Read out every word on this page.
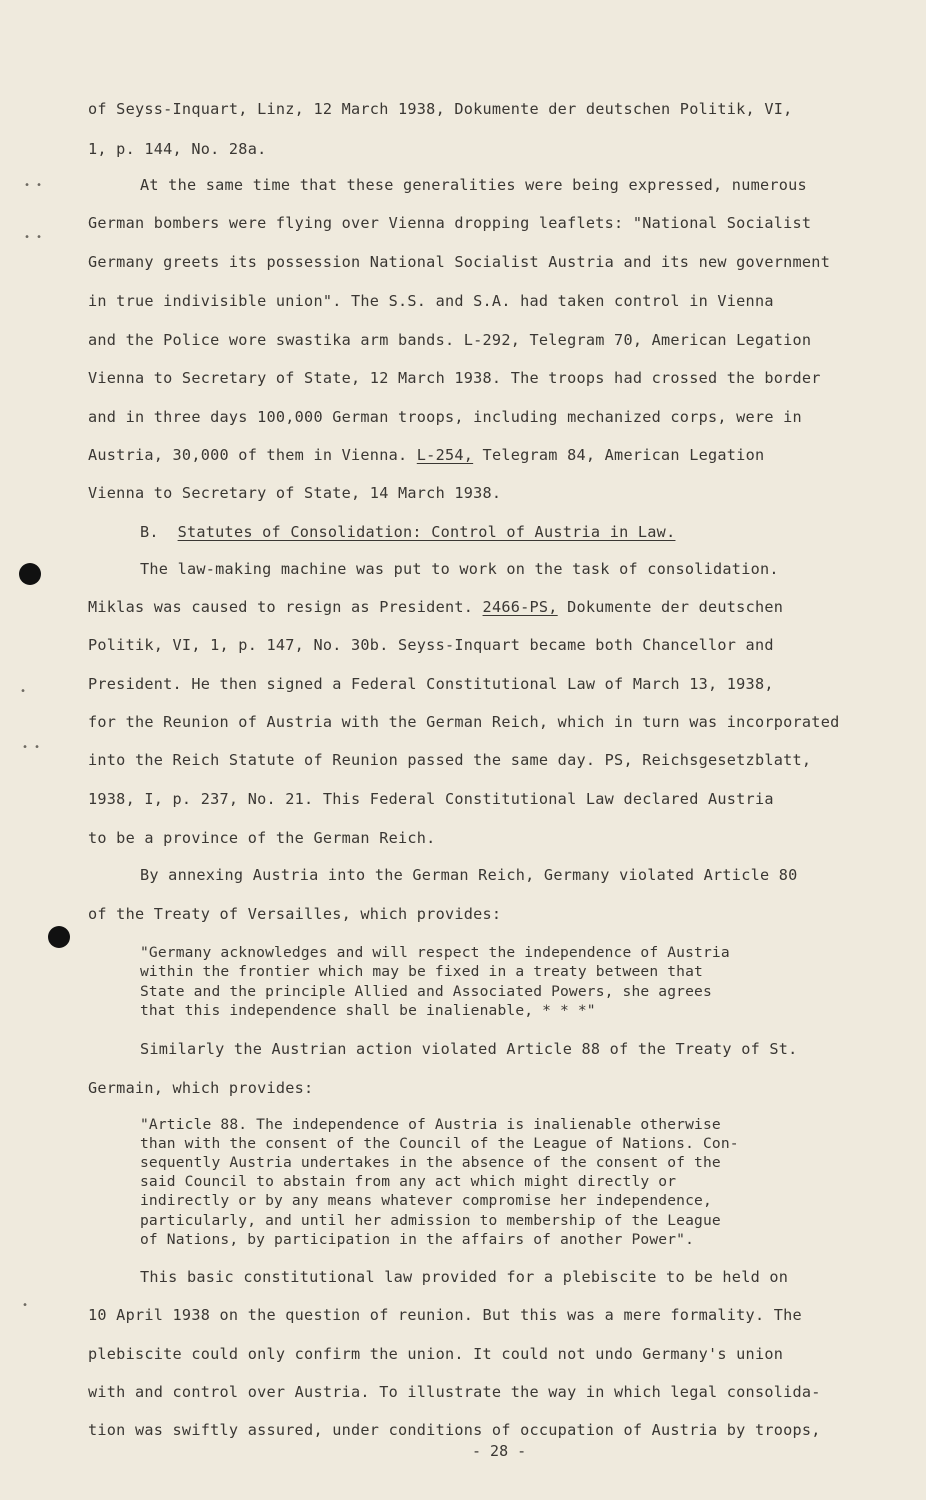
• •
• •
•
• •
•
of Seyss-Inquart, Linz, 12 March 1938, Dokumente der deutschen Politik, VI,
1, p. 144, No. 28a.
At the same time that these generalities were being expressed, numerous
German bombers were flying over Vienna dropping leaflets: "National Socialist
Germany greets its possession National Socialist Austria and its new government
in true indivisible union". The S.S. and S.A. had taken control in Vienna
and the Police wore swastika arm bands. L-292, Telegram 70, American Legation
Vienna to Secretary of State, 12 March 1938. The troops had crossed the border
and in three days 100,000 German troops, including mechanized corps, were in
Austria, 30,000 of them in Vienna. L-254, Telegram 84, American Legation
Vienna to Secretary of State, 14 March 1938.
B. Statutes of Consolidation: Control of Austria in Law.
The law-making machine was put to work on the task of consolidation.
Miklas was caused to resign as President. 2466-PS, Dokumente der deutschen
Politik, VI, 1, p. 147, No. 30b. Seyss-Inquart became both Chancellor and
President. He then signed a Federal Constitutional Law of March 13, 1938,
for the Reunion of Austria with the German Reich, which in turn was incorporated
into the Reich Statute of Reunion passed the same day. PS, Reichsgesetzblatt,
1938, I, p. 237, No. 21. This Federal Constitutional Law declared Austria
to be a province of the German Reich.
By annexing Austria into the German Reich, Germany violated Article 80
of the Treaty of Versailles, which provides:
"Germany acknowledges and will respect the independence of Austria
within the frontier which may be fixed in a treaty between that
State and the principle Allied and Associated Powers, she agrees
that this independence shall be inalienable, * * *"
Similarly the Austrian action violated Article 88 of the Treaty of St.
Germain, which provides:
"Article 88. The independence of Austria is inalienable otherwise
than with the consent of the Council of the League of Nations. Con-
sequently Austria undertakes in the absence of the consent of the
said Council to abstain from any act which might directly or
indirectly or by any means whatever compromise her independence,
particularly, and until her admission to membership of the League
of Nations, by participation in the affairs of another Power".
This basic constitutional law provided for a plebiscite to be held on
10 April 1938 on the question of reunion. But this was a mere formality. The
plebiscite could only confirm the union. It could not undo Germany's union
with and control over Austria. To illustrate the way in which legal consolida-
tion was swiftly assured, under conditions of occupation of Austria by troops,
- 28 -
